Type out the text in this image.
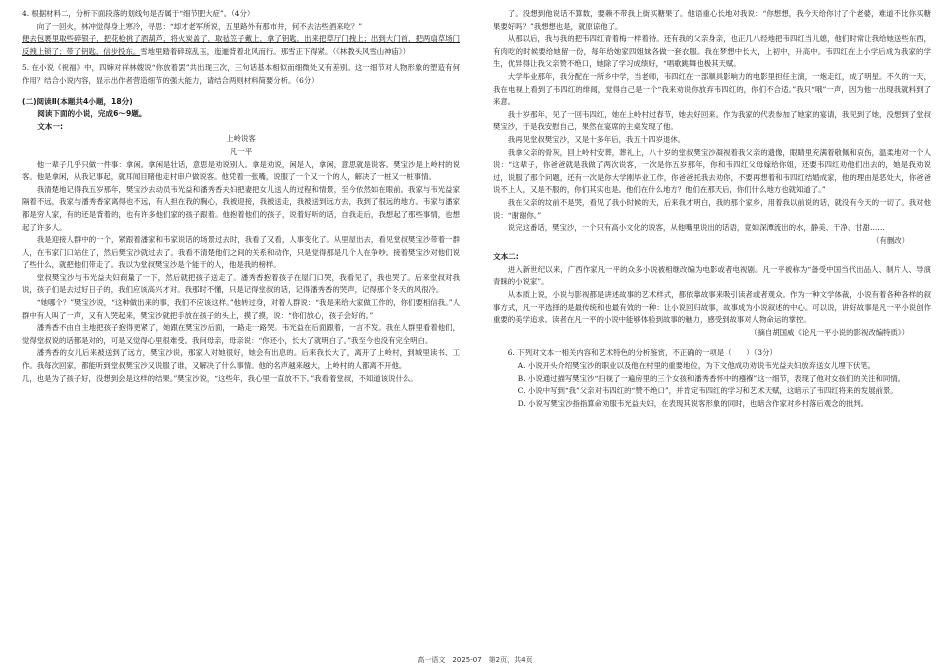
4. 根据材料二，分析下面段落的划线句是否属于“细节肥大症”。（4分）

向了一回火，林冲觉得身上寒冷，寻思：“却才老军所说，五里路外有那市井，何不去沽些酒来吃？”

便去包裹里取些碎银子，把花枪挑了酒葫芦，将火炭盖了，取毡笠子戴上，拿了钥匙，出来把草厅门拽上；出到大门首，把两扇草场门反拽上锁了；带了钥匙，信步投东。雪地里踏着碎琼乱玉，迤逦背着北风而行。那雪正下得紧。（《林教头风雪山神庙》）

5. 在小说《祝福》中，四婶对祥林嫂说“你放着罢”共出现三次，三句话基本相似而细微处又有差别。这一细节对人物形象的塑造有何作用？结合小说内容，显示出作者营造细节的强大能力，请结合两则材料简要分析。（6分）

(二)阅读Ⅱ(本题共4小题，18分)

阅读下面的小说，完成6～9题。

文本一:

上岭说客

凡一平

他一辈子几乎只做一件事：拿闲。拿闲是壮话，意思是劝说别人。拿是劝说，闲是人，拿闲，意思就是说客。樊宝沙是上岭村的说客。他是拿闲，从我记事起，就耳闻目睹他走村串户做说客。他凭着一张嘴，说服了一个又一个的人，解决了一桩又一桩事情。

我清楚地记得我五岁那年，樊宝沙去动员韦光益和潘秀香夫妇把妻把女儿送人的过程和情景，至今依然如在眼前。我家与韦光益家隔着不远，我家与潘秀香家离得也不远，有人担在我的胸心，我被迎接，我被送走，我被送到远方去，我到了很远的地方。韦家与潘家都是穷人家，有的还是背着的，也有许多他们家的孩子跟着。他抱着他们的孩子，说着好听的话，自我走后，我想起了那些事情，也想起了许多人。

我是迎接人群中的一个，紧跟着潘家和韦家说话的场景过去时，我看了又看，人事变化了。从里屋出去，看见堂叔樊宝沙带着一群人，在韦家门口站住了，然后樊宝沙就过去了。我看不清楚他们之间的关系和动作，只是觉得那是几个人在争吵。接着樊宝沙对他们说了些什么，就把他们带走了。我以为堂叔樊宝沙是个能干的人，他是我的榜样。

堂叔樊宝沙与韦光益夫妇商量了一下，然后就把孩子送走了。潘秀香抱着孩子在屋门口哭，我看见了，我也哭了。后来堂叔对我说，孩子们是去过好日子的，我们应该高兴才对。我那时不懂，只是记得堂叔的话，记得潘秀香的哭声，记得那个冬天的风很冷。

“她哪个？”樊宝沙说，“这种做出来的事，我们不应该这样。”他转过身，对着人群说：“我是来给大家做工作的，你们要相信我。”人群中有人叫了一声，又有人哭起来，樊宝沙就把手放在孩子的头上，摸了摸，说：“你们放心，孩子会好的。”

潘秀香不由自主地把孩子抱得更紧了，她跟在樊宝沙后面，一路走一路哭。韦光益在后面跟着，一言不发。我在人群里看着他们，觉得堂叔说的话都是对的，可是又觉得心里很难受。我问母亲，母亲说：“你还小，长大了就明白了。”我至今也没有完全明白。

潘秀香的女儿后来被送到了远方，樊宝沙说，那家人对她很好，她会有出息的。后来我长大了，离开了上岭村，到城里读书、工作。我每次回家，都能听到堂叔樊宝沙又说服了谁，又解决了什么事情。他的名声越来越大，上岭村的人都离不开他。

几，也是为了孩子好，没想到会是这样的结果。”樊宝沙说，“这些年，我心里一直放不下。”我看着堂叔，不知道该说什么。

了。没想到他说话不算数，要赖不带我上街买糖果了。他语重心长地对我说：“你想想，我今天给你讨了个老婆，难道不比你买糖果要好吗？”我想想也是，就原谅他了。

从那以后，我与我的把韦四红青着梅一样着待。还有我的父亲身亲，也正几八经地把韦四红当儿媳，他们时常让我给她送些东西，有肉吃的时候要给她留一份，每年给她家四姐妹各做一套衣服。我在梦想中长大，上初中，升高中。韦四红在上小学后成为我家的学生，优异得让我父亲赞不绝口，她除了学习成绩好，“唱歌跳舞也极其天赋。

大学毕业那年，我分配在一所乡中学，当老师，韦四红在一部顺具影响力的电影里担任主演，一炮走红，成了明星。不久的一天，我在电视上看到了韦四红的绯闻，觉得自己是一个“我来劝说你放弃韦四红的，你们不合适。”我只“哦”一声，因为他一出现我就料到了来意。

我十岁那年，见了一回韦四红，她在上岭村过春节，她去好回来。作为我家的代表参加了她家的宴请，我见到了她，没想到了堂叔樊宝沙，于是我安慰自己，果然在宴席的主桌发现了他。

我再见堂叔樊宝沙，又是十多年后，我五十四岁退休。

我拿父亲的骨灰，回上岭村安葬，葬礼上，八十岁的堂叔樊宝沙凝视着我父亲的遗像，眼睛里充满着敬佩和哀伤，温柔地对一个人说：“这辈子，你爸爸就是我做了两次说客，一次是你五岁那年，你和韦四红父母嫁给你姐，还要韦四红劝他们出去的，她是我劝说过，说服了那个问题，还有一次是你大学刚毕业工作，你爸爸托我去劝你，不要再想着和韦四红结婚成家，他的理由是恶处大，你爸爸说不上人，又是不服的，你们其实也是。他们在什么地方？他们在那天后，你们什么地方也就知道了。”

我在父亲的坟前不是哭，看见了我小时候的天，后来我才明白，我的那个家乡，用着我以前说的话，就没有今天的一切了。我对他说：“谢谢你。”

说完这番话，樊宝沙，一个只有高小文化的说客，从他嘴里说出的话语，竟如深潭流出的水，静美、干净、甘甜……

（有删改）

文本二:

进入新世纪以来，广西作家凡一平的众多小说被相继改编为电影或者电视剧。凡一平被称为“备受中国当代出品人、制片人、导演青睐的小说家”。

从本质上说，小说与影视都是讲述故事的艺术样式，都依靠故事来吸引读者或者观众。作为一种文学体裁，小说有着各种各样的叙事方式，凡一平选择的是最传统和也最有效的一种：让小说回归故事，故事成为小说叙述的中心。可以说，讲好故事是凡一平小说创作重要的美学追求。读者在凡一平的小说中能够体验到故事的魅力，感受到故事对人物命运的掌控。

（摘自胡国威《论凡一平小说的影视改编特质》）

6. 下列对文本一相关内容和艺术特色的分析鉴赏，不正确的一项是（　　）（3分）

A. 小说开头介绍樊宝沙的职业以及他在村里的重要地位，为下文他成功劝说韦光益夫妇放弃送女儿埋下伏笔。

B. 小说通过描写樊宝沙“扫视了一遍房里的三个女孩和潘秀香怀中的襁褓”这一细节，表现了他对女孩们的关注和同情。

C. 小说中写到“我”父亲对韦四红的“赞不绝口”，并肯定韦四红的学习和艺术天赋，这暗示了韦四红将来的发展前景。

D. 小说写樊宝沙指指算命劝服韦光益夫妇，在表现其说客形象的同时，也暗含作家对乡村落后观念的批判。

高一语文　2025-07　第2页，共4页
